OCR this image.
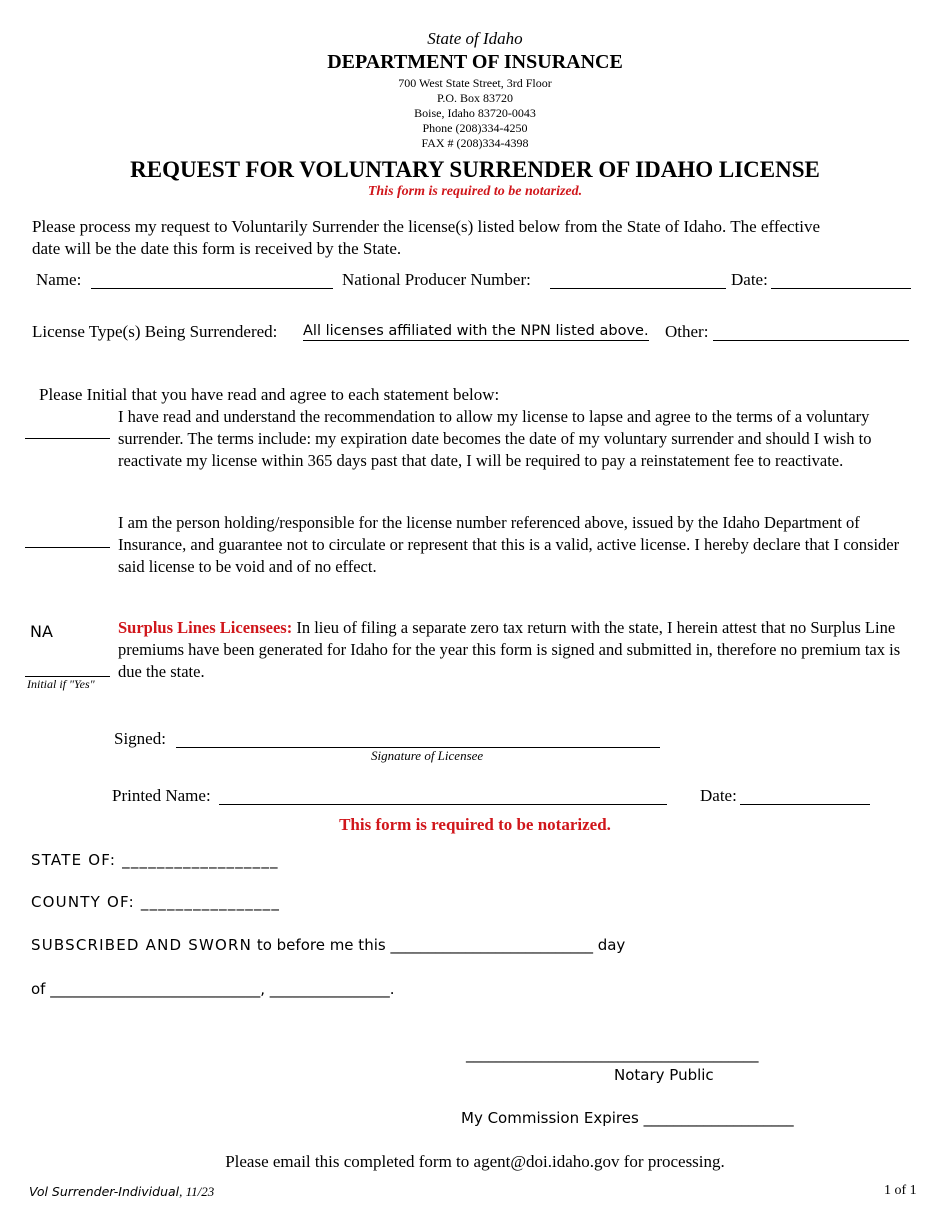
State of Idaho
DEPARTMENT OF INSURANCE
700 West State Street, 3rd Floor
P.O. Box 83720
Boise, Idaho 83720-0043
Phone (208)334-4250
FAX # (208)334-4398
REQUEST FOR VOLUNTARY SURRENDER OF IDAHO LICENSE
This form is required to be notarized.
Please process my request to Voluntarily Surrender the license(s) listed below from the State of Idaho. The effective
date will be the date this form is received by the State.
Name:	National Producer Number:	Date:
License Type(s) Being Surrendered: All licenses affiliated with the NPN listed above. Other:
Please Initial that you have read and agree to each statement below:
I have read and understand the recommendation to allow my license to lapse and agree to the terms of a voluntary surrender. The terms include: my expiration date becomes the date of my voluntary surrender and should I wish to reactivate my license within 365 days past that date, I will be required to pay a reinstatement fee to reactivate.
I am the person holding/responsible for the license number referenced above, issued by the Idaho Department of Insurance, and guarantee not to circulate or represent that this is a valid, active license. I hereby declare that I consider said license to be void and of no effect.
NA
Initial if "Yes"
Surplus Lines Licensees: In lieu of filing a separate zero tax return with the state, I herein attest that no Surplus Line premiums have been generated for Idaho for the year this form is signed and submitted in, therefore no premium tax is due the state.
Signed:
Signature of Licensee
Printed Name:	Date:
This form is required to be notarized.
STATE OF: __________________
COUNTY OF: ________________
SUBSCRIBED AND SWORN to before me this ___________________________ day
of ____________________________, ________________.
_______________________________________
Notary Public
My Commission Expires ____________________
Please email this completed form to agent@doi.idaho.gov for processing.
Vol Surrender-Individual, 11/23	1 of 1
